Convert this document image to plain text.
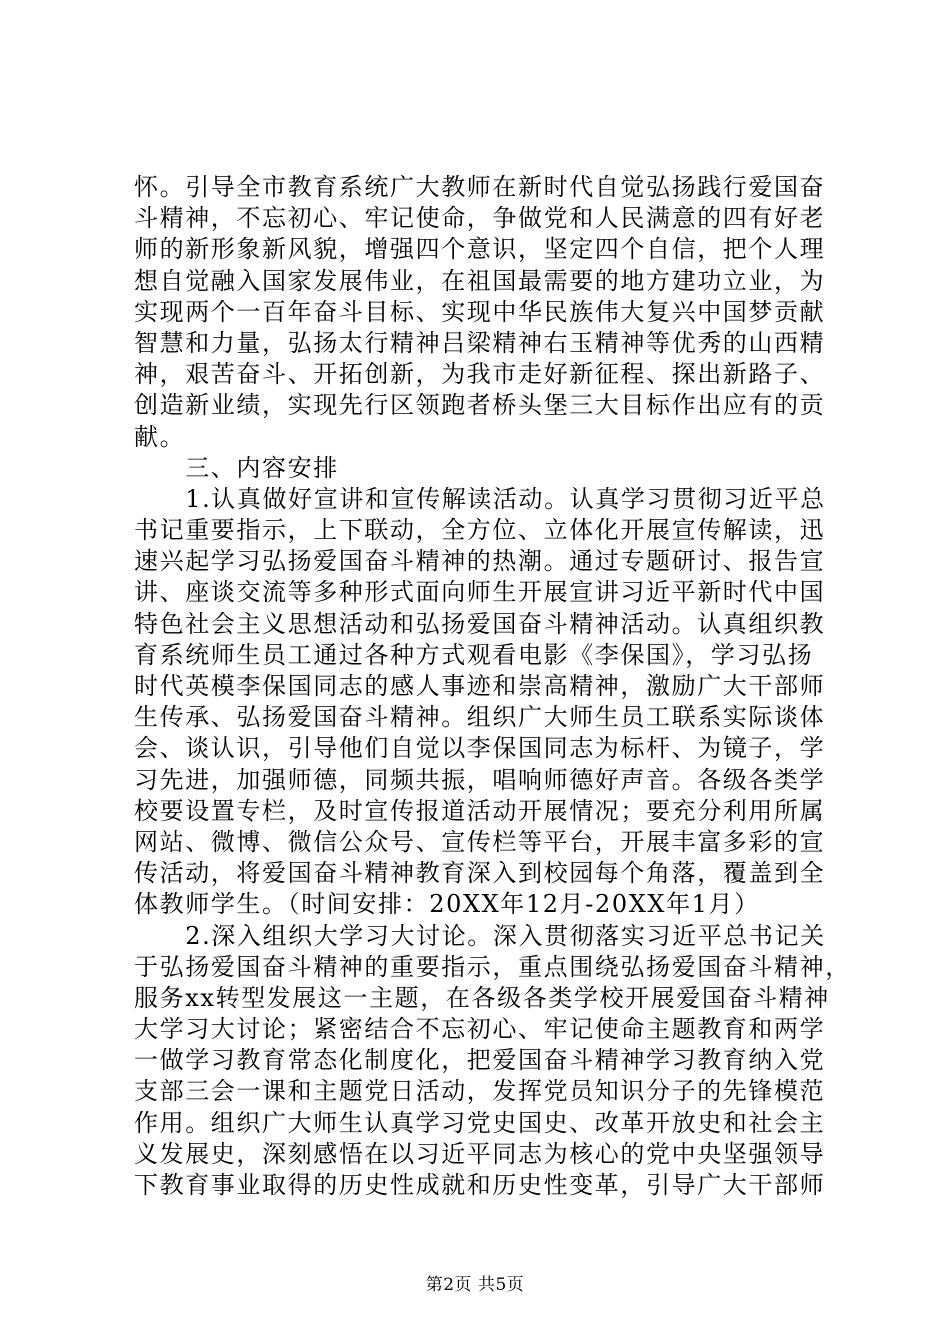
怀。引导全市教育系统广大教师在新时代自觉弘扬践行爱国奋
斗精神，不忘初心、牢记使命，争做党和人民满意的四有好老
师的新形象新风貌，增强四个意识，坚定四个自信，把个人理
想自觉融入国家发展伟业，在祖国最需要的地方建功立业，为
实现两个一百年奋斗目标、实现中华民族伟大复兴中国梦贡献
智慧和力量，弘扬太行精神吕梁精神右玉精神等优秀的山西精
神，艰苦奋斗、开拓创新，为我市走好新征程、探出新路子、
创造新业绩，实现先行区领跑者桥头堡三大目标作出应有的贡
献。
　　三、内容安排
　　1.认真做好宣讲和宣传解读活动。认真学习贯彻习近平总
书记重要指示，上下联动，全方位、立体化开展宣传解读，迅
速兴起学习弘扬爱国奋斗精神的热潮。通过专题研讨、报告宣
讲、座谈交流等多种形式面向师生开展宣讲习近平新时代中国
特色社会主义思想活动和弘扬爱国奋斗精神活动。认真组织教
育系统师生员工通过各种方式观看电影《李保国》，学习弘扬
时代英模李保国同志的感人事迹和崇高精神，激励广大干部师
生传承、弘扬爱国奋斗精神。组织广大师生员工联系实际谈体
会、谈认识，引导他们自觉以李保国同志为标杆、为镜子，学
习先进，加强师德，同频共振，唱响师德好声音。各级各类学
校要设置专栏，及时宣传报道活动开展情况；要充分利用所属
网站、微博、微信公众号、宣传栏等平台，开展丰富多彩的宣
传活动，将爱国奋斗精神教育深入到校园每个角落，覆盖到全
体教师学生。（时间安排：20XX年12月-20XX年1月）
　　2.深入组织大学习大讨论。深入贯彻落实习近平总书记关
于弘扬爱国奋斗精神的重要指示，重点围绕弘扬爱国奋斗精神，
服务xx转型发展这一主题，在各级各类学校开展爱国奋斗精神
大学习大讨论；紧密结合不忘初心、牢记使命主题教育和两学
一做学习教育常态化制度化，把爱国奋斗精神学习教育纳入党
支部三会一课和主题党日活动，发挥党员知识分子的先锋模范
作用。组织广大师生认真学习党史国史、改革开放史和社会主
义发展史，深刻感悟在以习近平同志为核心的党中央坚强领导
下教育事业取得的历史性成就和历史性变革，引导广大干部师
第2页 共5页
